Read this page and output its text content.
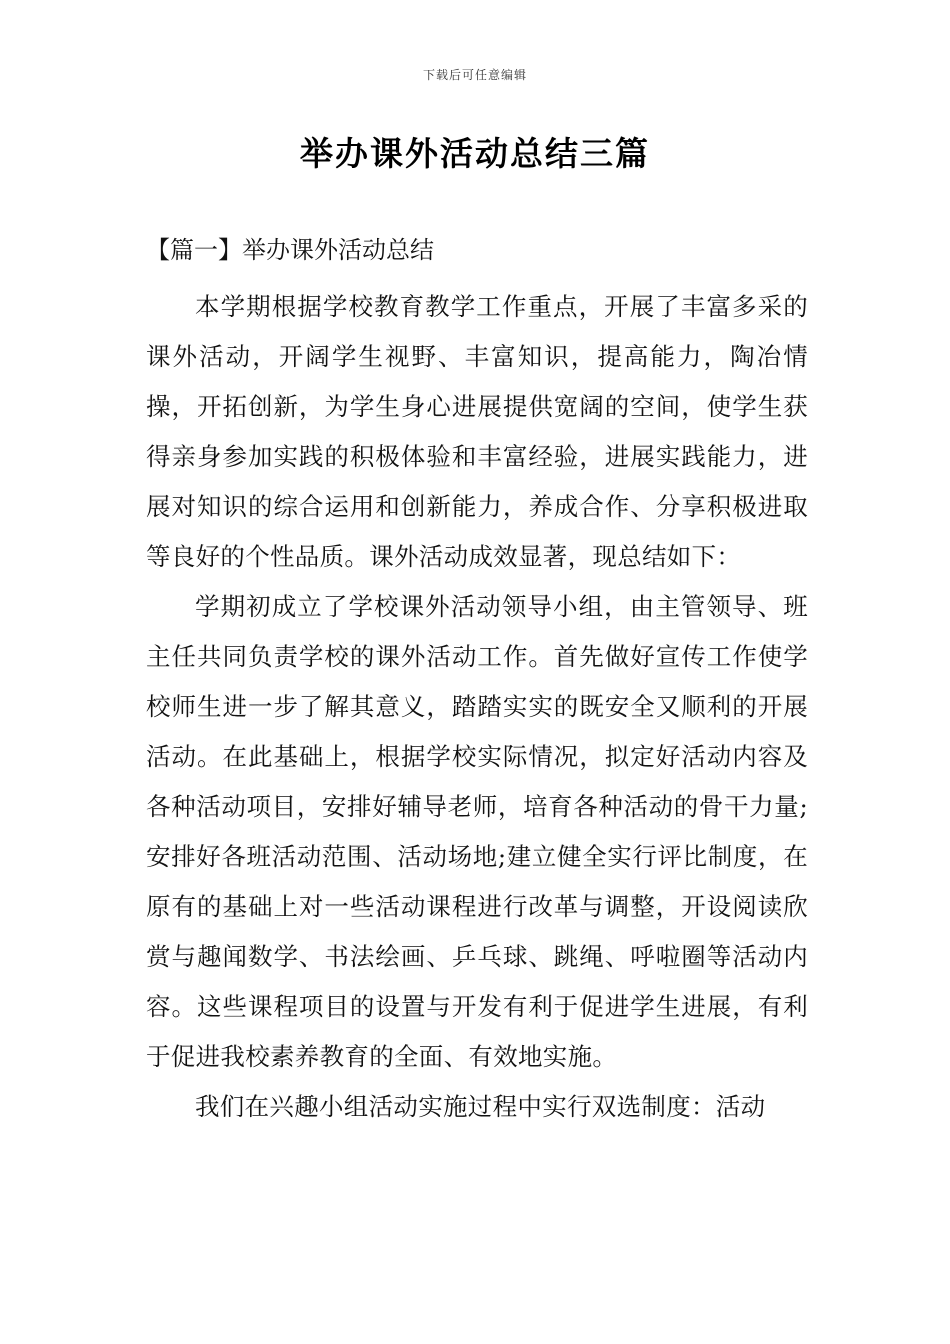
下载后可任意编辑
举办课外活动总结三篇
【篇一】举办课外活动总结

本学期根据学校教育教学工作重点，开展了丰富多采的课外活动，开阔学生视野、丰富知识，提高能力，陶冶情操，开拓创新，为学生身心进展提供宽阔的空间，使学生获得亲身参加实践的积极体验和丰富经验，进展实践能力，进展对知识的综合运用和创新能力，养成合作、分享积极进取等良好的个性品质。课外活动成效显著，现总结如下：

学期初成立了学校课外活动领导小组，由主管领导、班主任共同负责学校的课外活动工作。首先做好宣传工作使学校师生进一步了解其意义，踏踏实实的既安全又顺利的开展活动。在此基础上，根据学校实际情况，拟定好活动内容及各种活动项目，安排好辅导老师，培育各种活动的骨干力量;安排好各班活动范围、活动场地;建立健全实行评比制度，在原有的基础上对一些活动课程进行改革与调整，开设阅读欣赏与趣闻数学、书法绘画、乒乓球、跳绳、呼啦圈等活动内容。这些课程项目的设置与开发有利于促进学生进展，有利于促进我校素养教育的全面、有效地实施。

我们在兴趣小组活动实施过程中实行双选制度：活动
